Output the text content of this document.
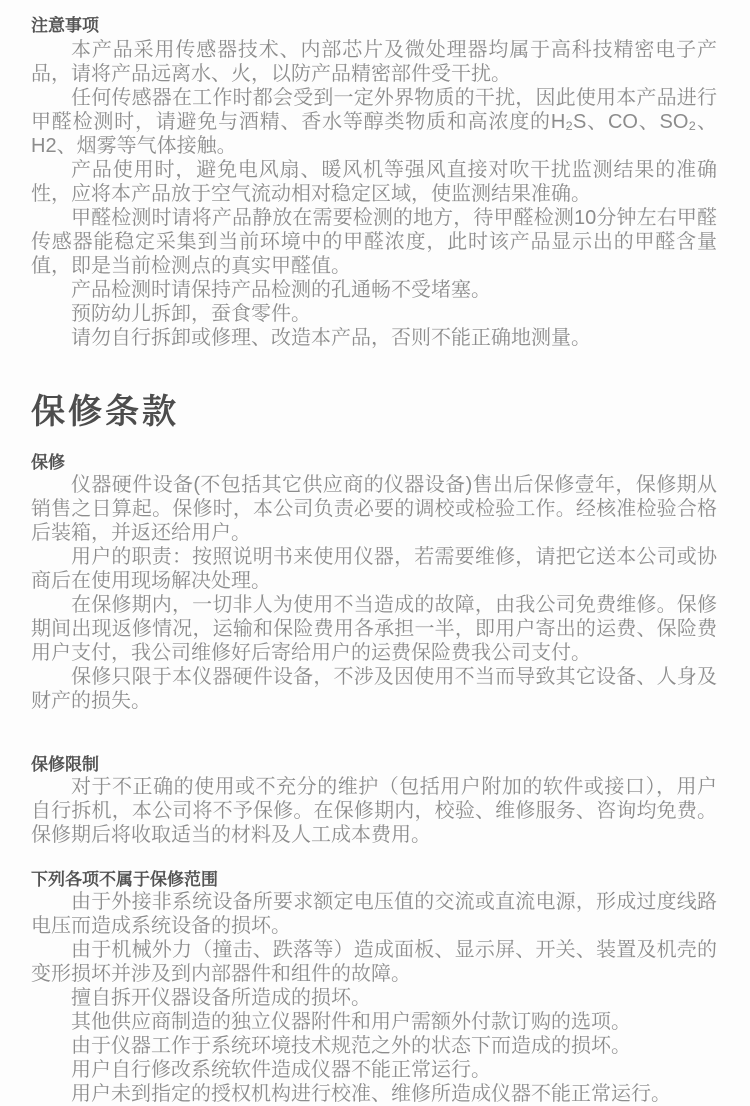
注意事项

本产品采用传感器技术、内部芯片及微处理器均属于高科技精密电子产品，请将产品远离水、火，以防产品精密部件受干扰。

任何传感器在工作时都会受到一定外界物质的干扰，因此使用本产品进行甲醛检测时，请避免与酒精、香水等醇类物质和高浓度的H₂S、CO、SO₂、H2、烟雾等气体接触。

产品使用时，避免电风扇、暖风机等强风直接对吹干扰监测结果的准确性，应将本产品放于空气流动相对稳定区域，使监测结果准确。

甲醛检测时请将产品静放在需要检测的地方，待甲醛检测10分钟左右甲醛传感器能稳定采集到当前环境中的甲醛浓度，此时该产品显示出的甲醛含量值，即是当前检测点的真实甲醛值。

产品检测时请保持产品检测的孔通畅不受堵塞。

预防幼儿拆卸，蚕食零件。

请勿自行拆卸或修理、改造本产品，否则不能正确地测量。

保修条款
保修

仪器硬件设备(不包括其它供应商的仪器设备)售出后保修壹年，保修期从销售之日算起。保修时，本公司负责必要的调校或检验工作。经核准检验合格后装箱，并返还给用户。

用户的职责：按照说明书来使用仪器，若需要维修，请把它送本公司或协商后在使用现场解决处理。

在保修期内，一切非人为使用不当造成的故障，由我公司免费维修。保修期间出现返修情况，运输和保险费用各承担一半，即用户寄出的运费、保险费用户支付，我公司维修好后寄给用户的运费保险费我公司支付。

保修只限于本仪器硬件设备，不涉及因使用不当而导致其它设备、人身及财产的损失。

保修限制

对于不正确的使用或不充分的维护（包括用户附加的软件或接口），用户自行拆机，本公司将不予保修。在保修期内，校验、维修服务、咨询均免费。保修期后将收取适当的材料及人工成本费用。

下列各项不属于保修范围

由于外接非系统设备所要求额定电压值的交流或直流电源，形成过度线路电压而造成系统设备的损坏。

由于机械外力（撞击、跌落等）造成面板、显示屏、开关、装置及机壳的变形损坏并涉及到内部器件和组件的故障。

擅自拆开仪器设备所造成的损坏。

其他供应商制造的独立仪器附件和用户需额外付款订购的选项。

由于仪器工作于系统环境技术规范之外的状态下而造成的损坏。

用户自行修改系统软件造成仪器不能正常运行。

用户未到指定的授权机构进行校准、维修所造成仪器不能正常运行。
